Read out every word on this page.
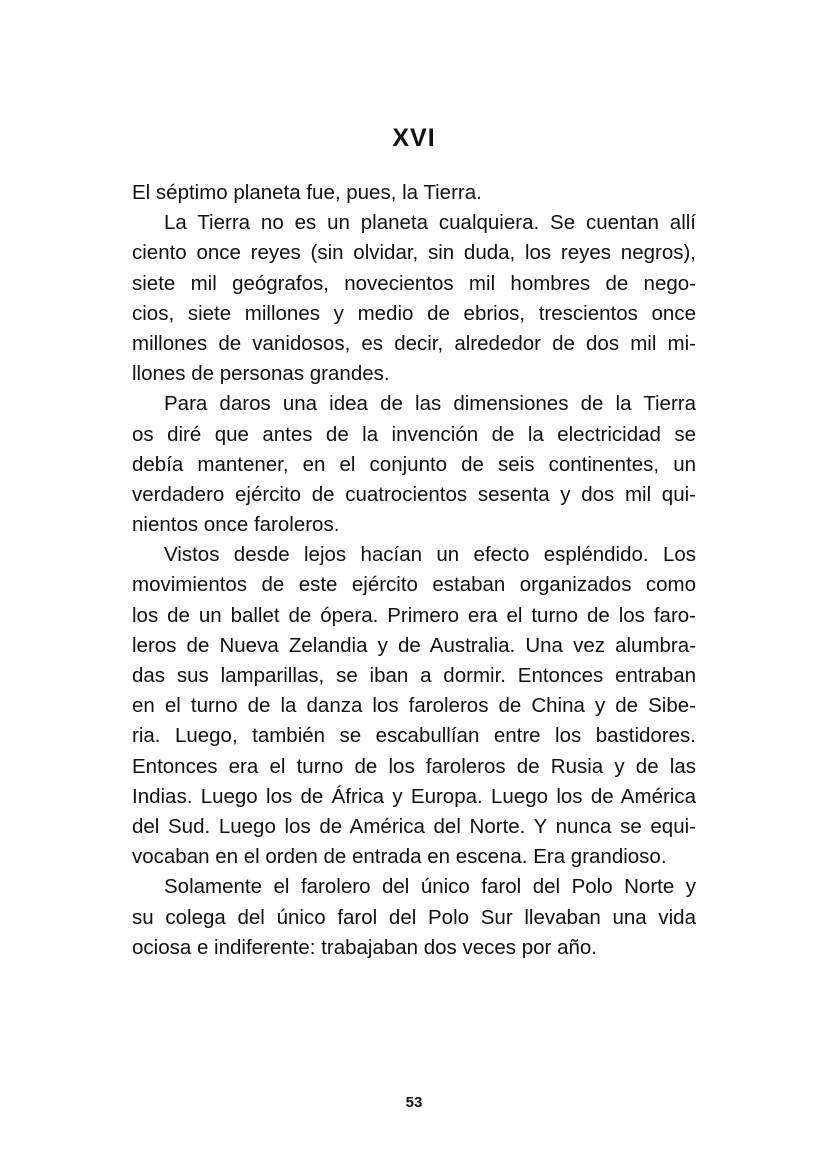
XVI
El séptimo planeta fue, pues, la Tierra.
La Tierra no es un planeta cualquiera. Se cuentan allí
ciento once reyes (sin olvidar, sin duda, los reyes negros),
siete mil geógrafos, novecientos mil hombres de nego-
cios, siete millones y medio de ebrios, trescientos once
millones de vanidosos, es decir, alrededor de dos mil mi-
llones de personas grandes.
Para daros una idea de las dimensiones de la Tierra
os diré que antes de la invención de la electricidad se
debía mantener, en el conjunto de seis continentes, un
verdadero ejército de cuatrocientos sesenta y dos mil qui-
nientos once faroleros.
Vistos desde lejos hacían un efecto espléndido. Los
movimientos de este ejército estaban organizados como
los de un ballet de ópera. Primero era el turno de los faro-
leros de Nueva Zelandia y de Australia. Una vez alumbra-
das sus lamparillas, se iban a dormir. Entonces entraban
en el turno de la danza los faroleros de China y de Sibe-
ria. Luego, también se escabullían entre los bastidores.
Entonces era el turno de los faroleros de Rusia y de las
Indias. Luego los de África y Europa. Luego los de América
del Sud. Luego los de América del Norte. Y nunca se equi-
vocaban en el orden de entrada en escena. Era grandioso.
Solamente el farolero del único farol del Polo Norte y
su colega del único farol del Polo Sur llevaban una vida
ociosa e indiferente: trabajaban dos veces por año.
53
